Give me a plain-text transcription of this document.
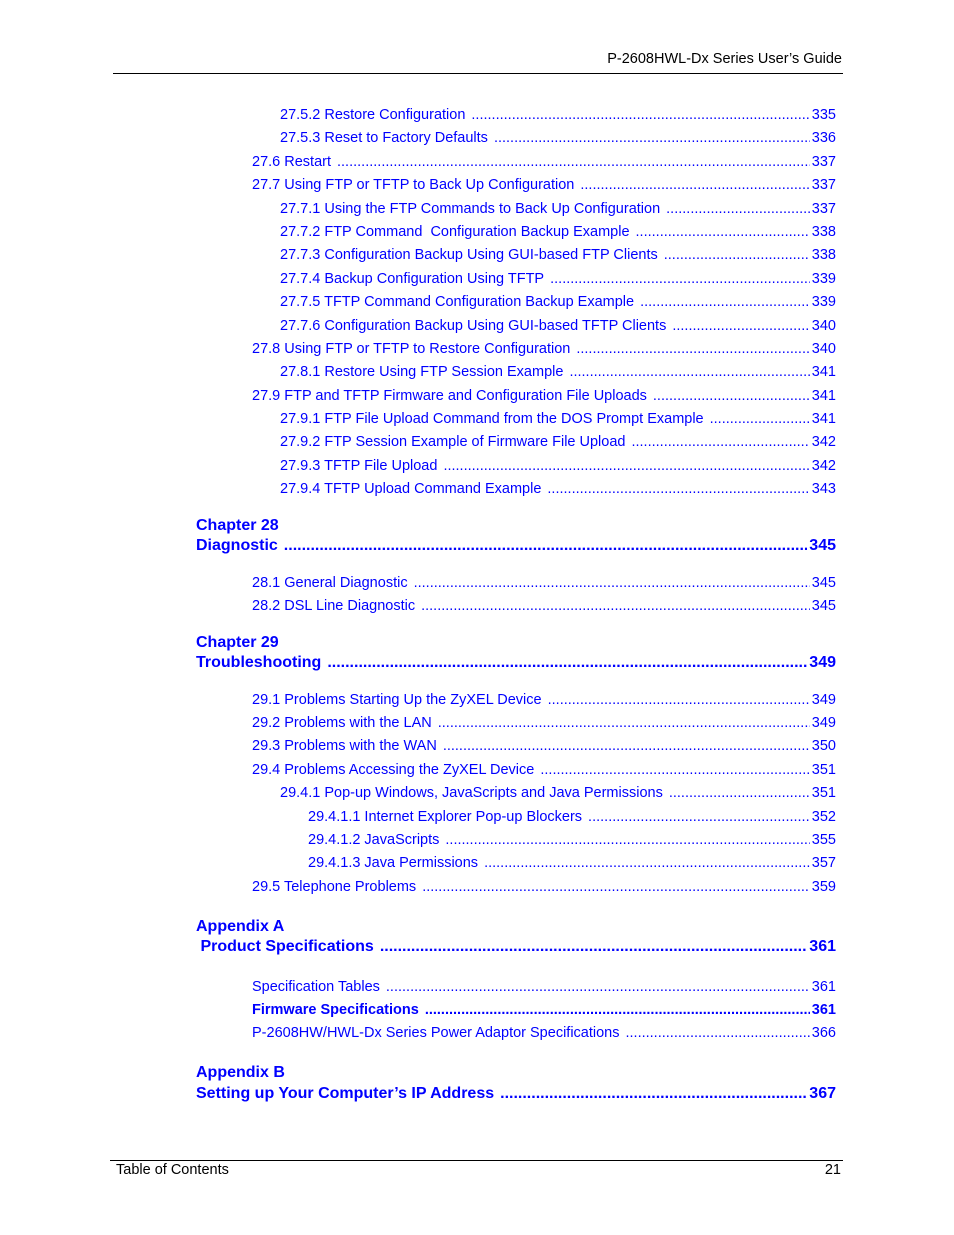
P-2608HWL-Dx Series User’s Guide
27.5.2 Restore Configuration .....	335
27.5.3 Reset to Factory Defaults .....	336
27.6 Restart .....	337
27.7 Using FTP or TFTP to Back Up Configuration .....	337
27.7.1 Using the FTP Commands to Back Up Configuration .....	337
27.7.2 FTP Command  Configuration Backup Example .....	338
27.7.3 Configuration Backup Using GUI-based FTP Clients .....	338
27.7.4 Backup Configuration Using TFTP .....	339
27.7.5 TFTP Command Configuration Backup Example .....	339
27.7.6 Configuration Backup Using GUI-based TFTP Clients .....	340
27.8 Using FTP or TFTP to Restore Configuration .....	340
27.8.1 Restore Using FTP Session Example .....	341
27.9 FTP and TFTP Firmware and Configuration File Uploads .....	341
27.9.1 FTP File Upload Command from the DOS Prompt Example .....	341
27.9.2 FTP Session Example of Firmware File Upload .....	342
27.9.3 TFTP File Upload .....	342
27.9.4 TFTP Upload Command Example .....	343
Chapter 28
Diagnostic .....	345
28.1 General Diagnostic .....	345
28.2 DSL Line Diagnostic .....	345
Chapter 29
Troubleshooting .....	349
29.1 Problems Starting Up the ZyXEL Device .....	349
29.2 Problems with the LAN .....	349
29.3 Problems with the WAN .....	350
29.4 Problems Accessing the ZyXEL Device .....	351
29.4.1 Pop-up Windows, JavaScripts and Java Permissions .....	351
29.4.1.1 Internet Explorer Pop-up Blockers .....	352
29.4.1.2 JavaScripts .....	355
29.4.1.3 Java Permissions .....	357
29.5 Telephone Problems .....	359
Appendix A
Product Specifications .....	361
Specification Tables .....	361
Firmware Specifications .....	361
P-2608HW/HWL-Dx Series Power Adaptor Specifications .....	366
Appendix B
Setting up Your Computer’s IP Address .....	367
Table of Contents	21
